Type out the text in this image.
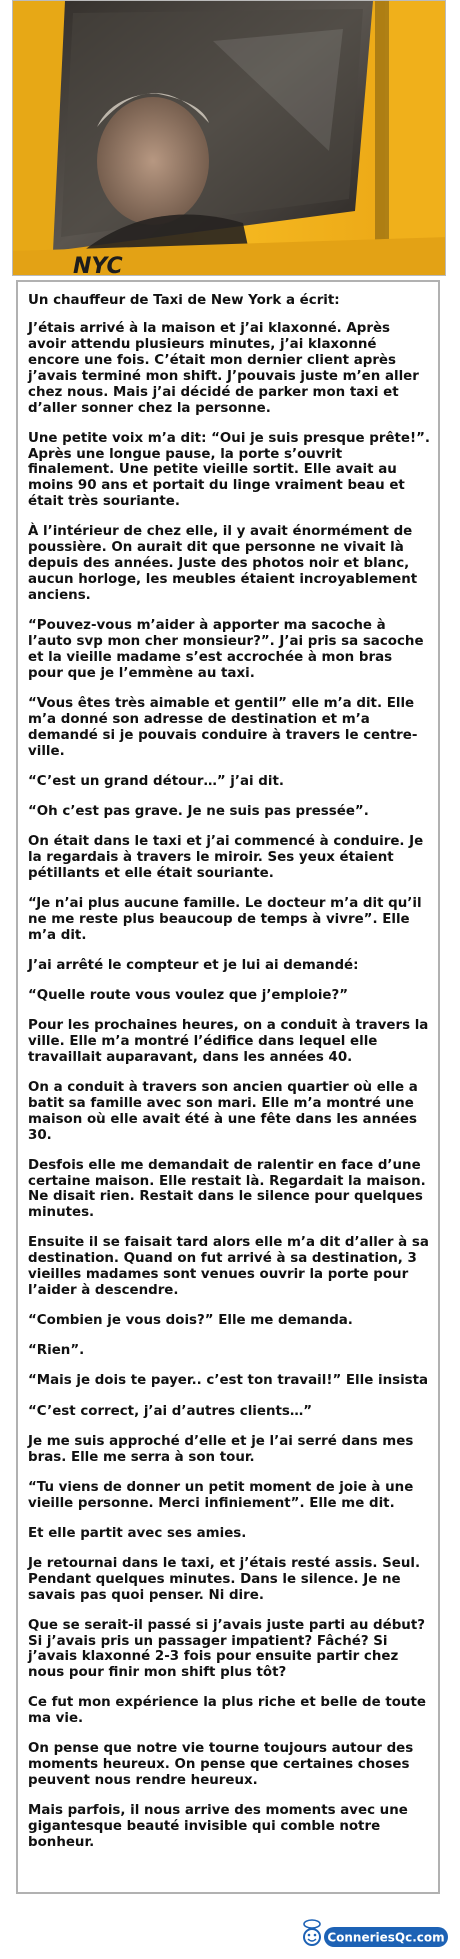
NYC
Un chauffeur de Taxi de New York a écrit:

J’étais arrivé à la maison et j’ai klaxonné. Après avoir attendu plusieurs minutes, j’ai klaxonné encore une fois. C’était mon dernier client après j’avais terminé mon shift. J’pouvais juste m’en aller chez nous. Mais j’ai décidé de parker mon taxi et d’aller sonner chez la personne.

Une petite voix m’a dit: “Oui je suis presque prête!”. Après une longue pause, la porte s’ouvrit finalement. Une petite vieille sortit. Elle avait au moins 90 ans et portait du linge vraiment beau et était très souriante.

À l’intérieur de chez elle, il y avait énormément de poussière. On aurait dit que personne ne vivait là depuis des années. Juste des photos noir et blanc, aucun horloge, les meubles étaient incroyablement anciens.

“Pouvez-vous m’aider à apporter ma sacoche à l’auto svp mon cher monsieur?”. J’ai pris sa sacoche et la vieille madame s’est accrochée à mon bras pour que je l’emmène au taxi.

“Vous êtes très aimable et gentil” elle m’a dit. Elle m’a donné son adresse de destination et m’a demandé si je pouvais conduire à travers le centre-ville.

“C’est un grand détour…” j’ai dit.

“Oh c’est pas grave. Je ne suis pas pressée”.

On était dans le taxi et j’ai commencé à conduire. Je la regardais à travers le miroir. Ses yeux étaient pétillants et elle était souriante.

“Je n’ai plus aucune famille. Le docteur m’a dit qu’il ne me reste plus beaucoup de temps à vivre”. Elle m’a dit.

J’ai arrêté le compteur et je lui ai demandé:

“Quelle route vous voulez que j’emploie?”

Pour les prochaines heures, on a conduit à travers la ville. Elle m’a montré l’édifice dans lequel elle travaillait auparavant, dans les années 40.

On a conduit à travers son ancien quartier où elle a batit sa famille avec son mari. Elle m’a montré une maison où elle avait été à une fête dans les années 30.

Desfois elle me demandait de ralentir en face d’une certaine maison. Elle restait là. Regardait la maison. Ne disait rien. Restait dans le silence pour quelques minutes.

Ensuite il se faisait tard alors elle m’a dit d’aller à sa destination. Quand on fut arrivé à sa destination, 3 vieilles madames sont venues ouvrir la porte pour l’aider à descendre.

“Combien je vous dois?” Elle me demanda.

“Rien”.

“Mais je dois te payer.. c’est ton travail!” Elle insista

“C’est correct, j’ai d’autres clients…”

Je me suis approché d’elle et je l’ai serré dans mes bras. Elle me serra à son tour.

“Tu viens de donner un petit moment de joie à une vieille personne. Merci infiniement”. Elle me dit.

Et elle partit avec ses amies.

Je retournai dans le taxi, et j’étais resté assis. Seul. Pendant quelques minutes. Dans le silence. Je ne savais pas quoi penser. Ni dire.

Que se serait-il passé si j’avais juste parti au début? Si j’avais pris un passager impatient? Fâché? Si j’avais klaxonné 2-3 fois pour ensuite partir chez nous pour finir mon shift plus tôt?

Ce fut mon expérience la plus riche et belle de toute ma vie.

On pense que notre vie tourne toujours autour des moments heureux. On pense que certaines choses peuvent nous rendre heureux.

Mais parfois, il nous arrive des moments avec une gigantesque beauté invisible qui comble notre bonheur.

ConneriesQc.com
